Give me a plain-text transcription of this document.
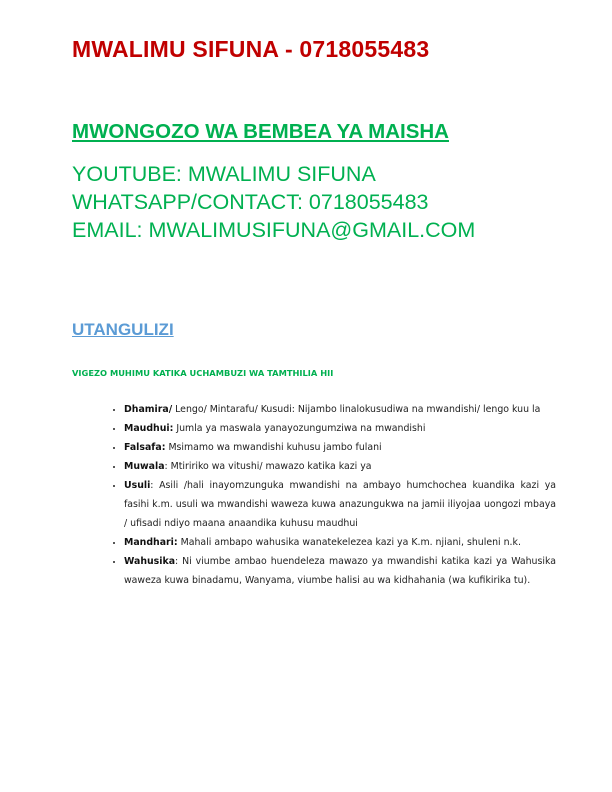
MWALIMU SIFUNA - 0718055483
MWONGOZO WA BEMBEA YA MAISHA
YOUTUBE: MWALIMU SIFUNA
WHATSAPP/CONTACT: 0718055483
EMAIL: MWALIMUSIFUNA@GMAIL.COM
UTANGULIZI
VIGEZO MUHIMU KATIKA UCHAMBUZI WA TAMTHILIA HII
• Dhamira/ Lengo/ Mintarafu/ Kusudi: Nijambo linalokusudiwa na mwandishi/ lengo kuu la
• Maudhui: Jumla ya maswala yanayozungumziwa na mwandishi
• Falsafa: Msimamo wa mwandishi kuhusu jambo fulani
• Muwala: Mtiririko wa vitushi/ mawazo katika kazi ya
• Usuli: Asili /hali inayomzunguka mwandishi na ambayo humchochea kuandika kazi ya fasihi k.m. usuli wa mwandishi waweza kuwa anazungukwa na jamii iliyojaa uongozi mbaya / ufisadi ndiyo maana anaandika kuhusu maudhui
• Mandhari: Mahali ambapo wahusika wanatekelezea kazi ya K.m. njiani, shuleni n.k.
• Wahusika: Ni viumbe ambao huendeleza mawazo ya mwandishi katika kazi ya Wahusika waweza kuwa binadamu, Wanyama, viumbe halisi au wa kidhahania (wa kufikirika tu).
